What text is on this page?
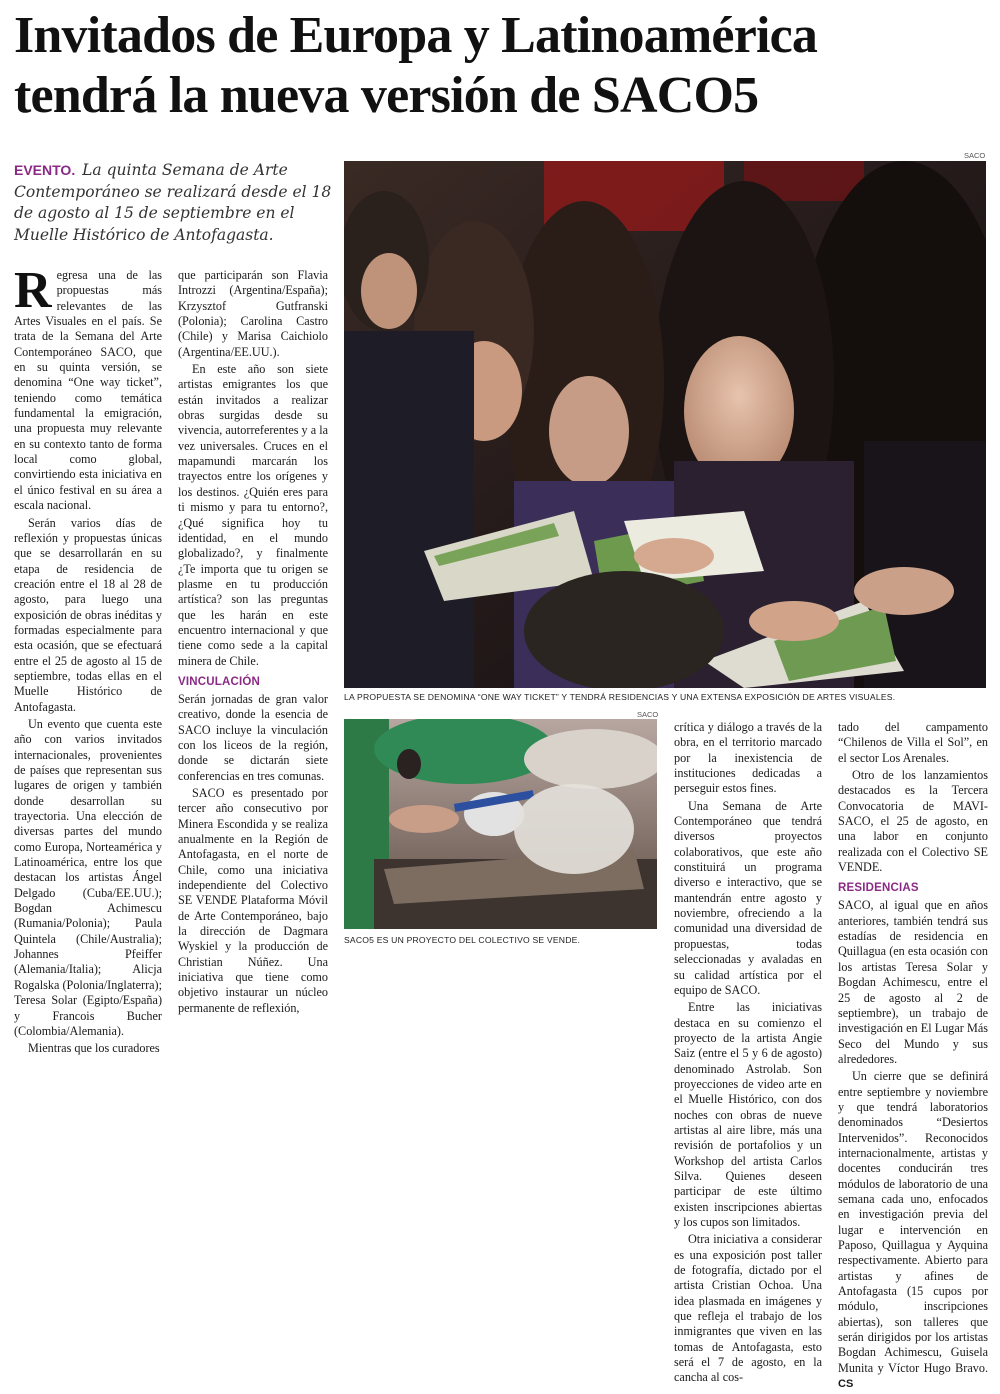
Invitados de Europa y Latinoamérica
tendrá la nueva versión de SACO5
EVENTO. La quinta Semana de Arte Contemporáneo se realizará desde el 18 de agosto al 15 de septiembre en el Muelle Histórico de Antofagasta.
SACO
LA PROPUESTA SE DENOMINA “ONE WAY TICKET” Y TENDRÁ RESIDENCIAS Y UNA EXTENSA EXPOSICIÓN DE ARTES VISUALES.
SACO
SACO5 ES UN PROYECTO DEL COLECTIVO SE VENDE.

Regresa una de las propuestas más relevantes de las Artes Visuales en el país. Se trata de la Semana del Arte Contemporáneo SACO, que en su quinta versión, se denomina “One way ticket”, teniendo como temática fundamental la emigración, una propuesta muy relevante en su contexto tanto de forma local como global, convirtiendo esta iniciativa en el único festival en su área a escala nacional.

Serán varios días de reflexión y propuestas únicas que se desarrollarán en su etapa de residencia de creación entre el 18 al 28 de agosto, para luego una exposición de obras inéditas y formadas especialmente para esta ocasión, que se efectuará entre el 25 de agosto al 15 de septiembre, todas ellas en el Muelle Histórico de Antofagasta.

Un evento que cuenta este año con varios invitados internacionales, provenientes de países que representan sus lugares de origen y también donde desarrollan su trayectoria. Una elección de diversas partes del mundo como Europa, Norteamérica y Latinoamérica, entre los que destacan los artistas Ángel Delgado (Cuba/EE.UU.); Bogdan Achimescu (Rumania/Polonia); Paula Quintela (Chile/Australia); Johannes Pfeiffer (Alemania/Italia); Alicja Rogalska (Polonia/Inglaterra); Teresa Solar (Egipto/España) y Francois Bucher (Colombia/Alemania).

Mientras que los curadores

que participarán son Flavia Introzzi (Argentina/España); Krzysztof Gutfranski (Polonia); Carolina Castro (Chile) y Marisa Caichiolo (Argentina/EE.UU.).

En este año son siete artistas emigrantes los que están invitados a realizar obras surgidas desde su vivencia, autorreferentes y a la vez universales. Cruces en el mapamundi marcarán los trayectos entre los orígenes y los destinos. ¿Quién eres para ti mismo y para tu entorno?, ¿Qué significa hoy tu identidad, en el mundo globalizado?, y finalmente ¿Te importa que tu origen se plasme en tu producción artística? son las preguntas que les harán en este encuentro internacional y que tiene como sede a la capital minera de Chile.

VINCULACIÓN

Serán jornadas de gran valor creativo, donde la esencia de SACO incluye la vinculación con los liceos de la región, donde se dictarán siete conferencias en tres comunas.

SACO es presentado por tercer año consecutivo por Minera Escondida y se realiza anualmente en la Región de Antofagasta, en el norte de Chile, como una iniciativa independiente del Colectivo SE VENDE Plataforma Móvil de Arte Contemporáneo, bajo la dirección de Dagmara Wyskiel y la producción de Christian Núñez. Una iniciativa que tiene como objetivo instaurar un núcleo permanente de reflexión,

crítica y diálogo a través de la obra, en el territorio marcado por la inexistencia de instituciones dedicadas a perseguir estos fines.

Una Semana de Arte Contemporáneo que tendrá diversos proyectos colaborativos, que este año constituirá un programa diverso e interactivo, que se mantendrán entre agosto y noviembre, ofreciendo a la comunidad una diversidad de propuestas, todas seleccionadas y avaladas en su calidad artística por el equipo de SACO.

Entre las iniciativas destaca en su comienzo el proyecto de la artista Angie Saiz (entre el 5 y 6 de agosto) denominado Astrolab. Son proyecciones de video arte en el Muelle Histórico, con dos noches con obras de nueve artistas al aire libre, más una revisión de portafolios y un Workshop del artista Carlos Silva. Quienes deseen participar de este último existen inscripciones abiertas y los cupos son limitados.

Otra iniciativa a considerar es una exposición post taller de fotografía, dictado por el artista Cristian Ochoa. Una idea plasmada en imágenes y que refleja el trabajo de los inmigrantes que viven en las tomas de Antofagasta, esto será el 7 de agosto, en la cancha al cos-

tado del campamento “Chilenos de Villa el Sol”, en el sector Los Arenales.

Otro de los lanzamientos destacados es la Tercera Convocatoria de MAVI-SACO, el 25 de agosto, en una labor en conjunto realizada con el Colectivo SE VENDE.

RESIDENCIAS

SACO, al igual que en años anteriores, también tendrá sus estadías de residencia en Quillagua (en esta ocasión con los artistas Teresa Solar y Bogdan Achimescu, entre el 25 de agosto al 2 de septiembre), un trabajo de investigación en El Lugar Más Seco del Mundo y sus alrededores.

Un cierre que se definirá entre septiembre y noviembre y que tendrá laboratorios denominados “Desiertos Intervenidos”. Reconocidos internacionalmente, artistas y docentes conducirán tres módulos de laboratorio de una semana cada uno, enfocados en investigación previa del lugar e intervención en Paposo, Quillagua y Ayquina respectivamente. Abierto para artistas y afines de Antofagasta (15 cupos por módulo, inscripciones abiertas), son talleres que serán dirigidos por los artistas Bogdan Achimescu, Guisela Munita y Víctor Hugo Bravo. CS
